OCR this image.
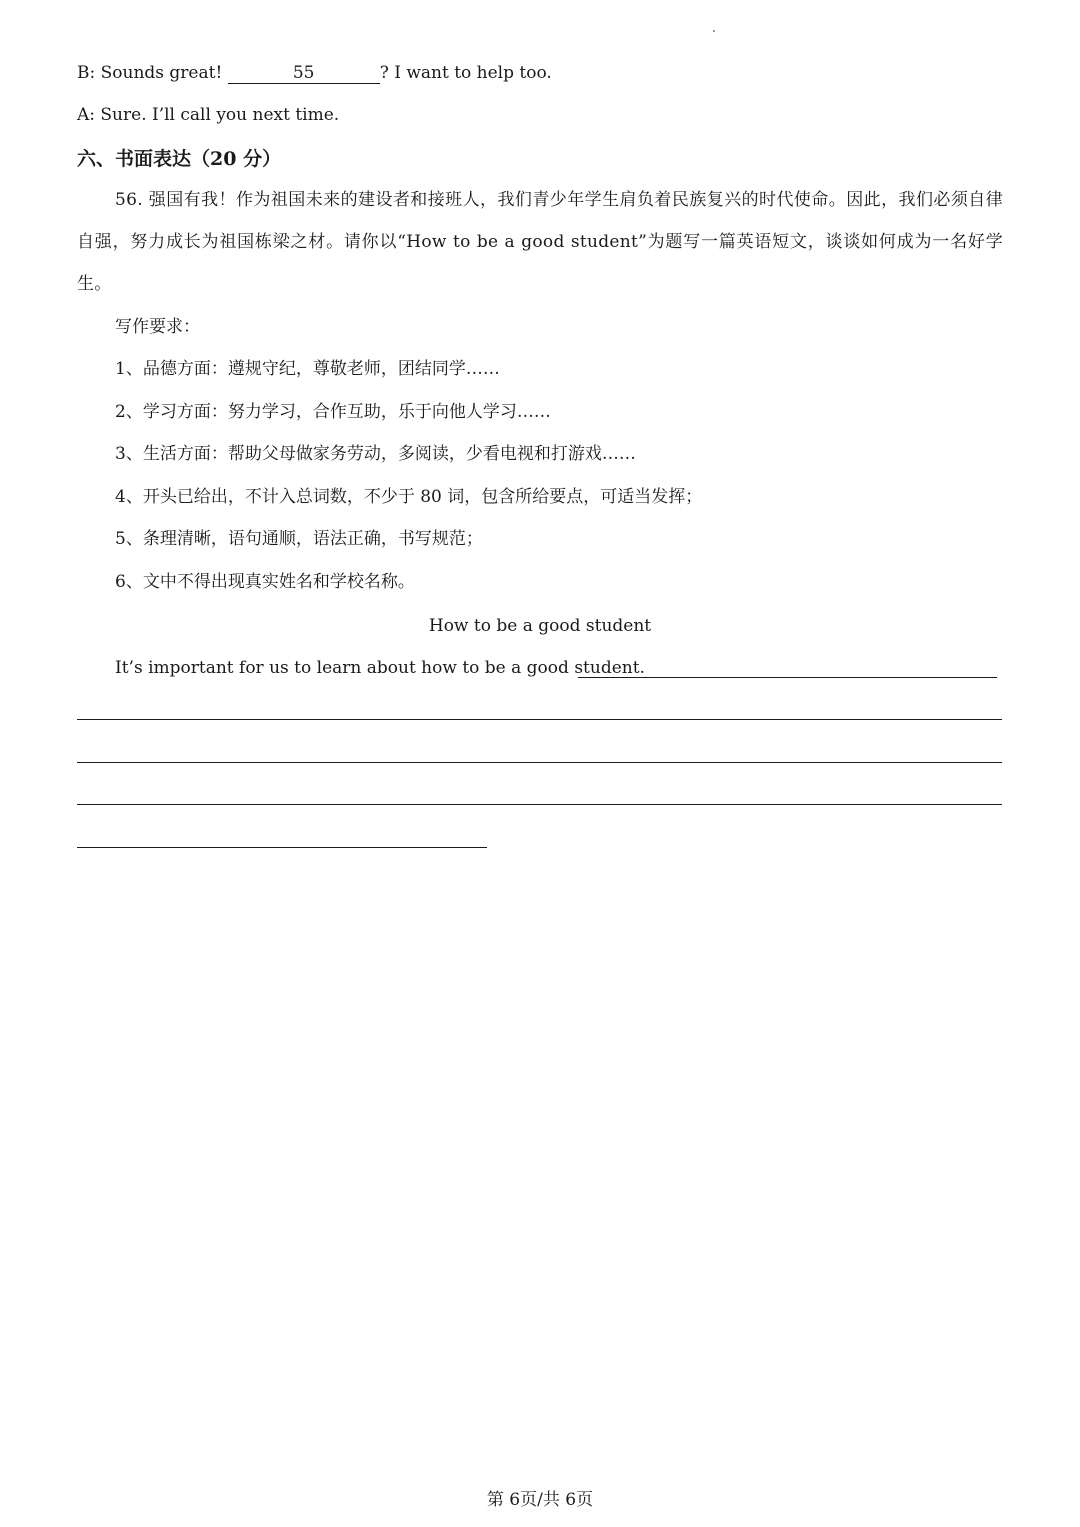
B: Sounds great!	55	? I want to help too.
A: Sure. I’ll call you next time.
六、书面表达（20 分）
56. 强国有我！作为祖国未来的建设者和接班人，我们青少年学生肩负着民族复兴的时代使命。因此，我们必须自律自强，努力成长为祖国栋梁之材。请你以“How to be a good student”为题写一篇英语短文，谈谈如何成为一名好学生。
写作要求：
1、品德方面：遵规守纪，尊敬老师，团结同学……
2、学习方面：努力学习，合作互助，乐于向他人学习……
3、生活方面：帮助父母做家务劳动，多阅读，少看电视和打游戏……
4、开头已给出，不计入总词数，不少于 80 词，包含所给要点，可适当发挥；
5、条理清晰，语句通顺，语法正确，书写规范；
6、文中不得出现真实姓名和学校名称。
How to be a good student
It’s important for us to learn about how to be a good student.
第 6页/共 6页
